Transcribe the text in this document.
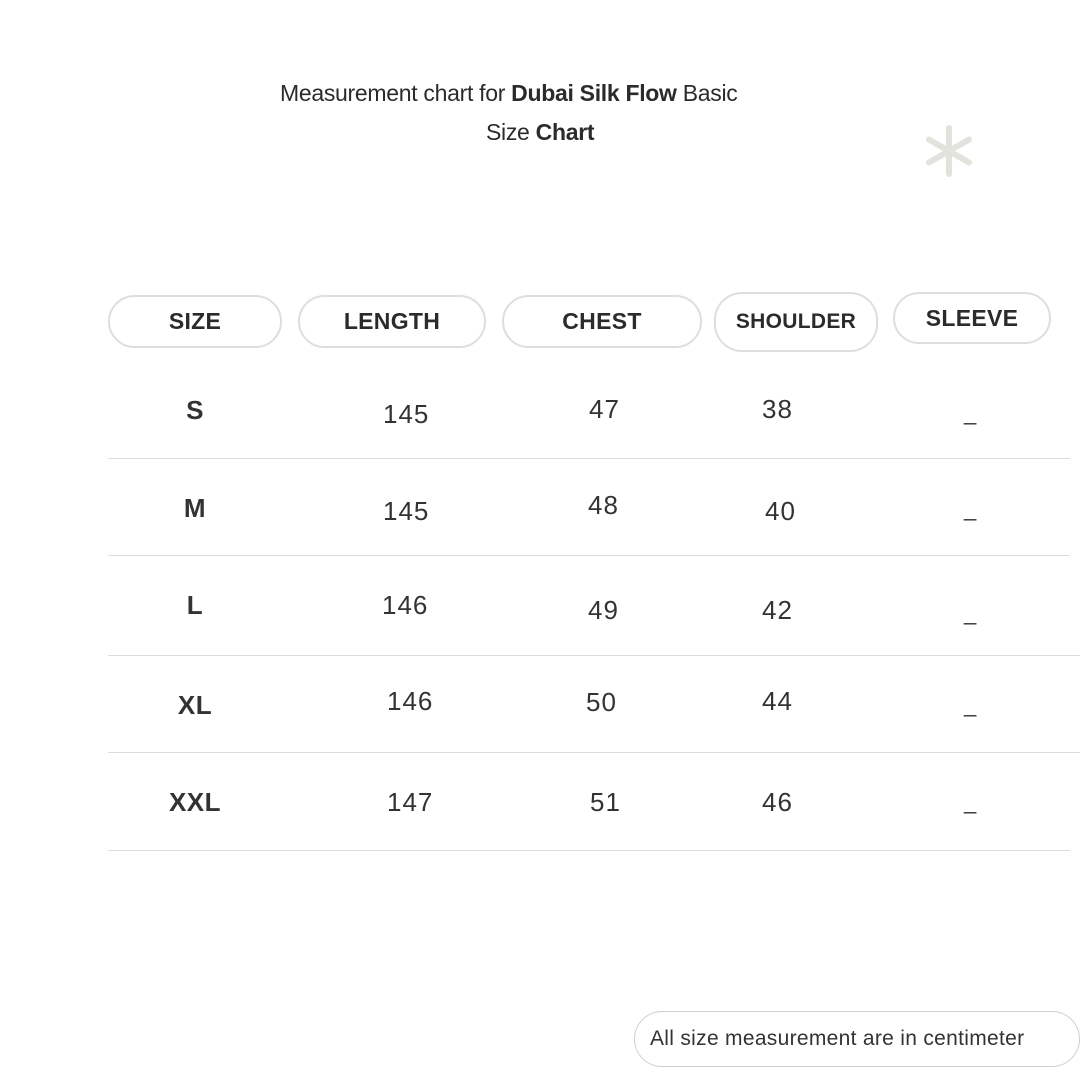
Measurement chart for Dubai Silk Flow Basic
Size Chart
SIZE	LENGTH	CHEST	SHOULDER	SLEEVE
S	145	47	38	_
M	145	48	40	_
L	146	49	42	_
XL	146	50	44	_
XXL	147	51	46	_
All size measurement are in centimeter
